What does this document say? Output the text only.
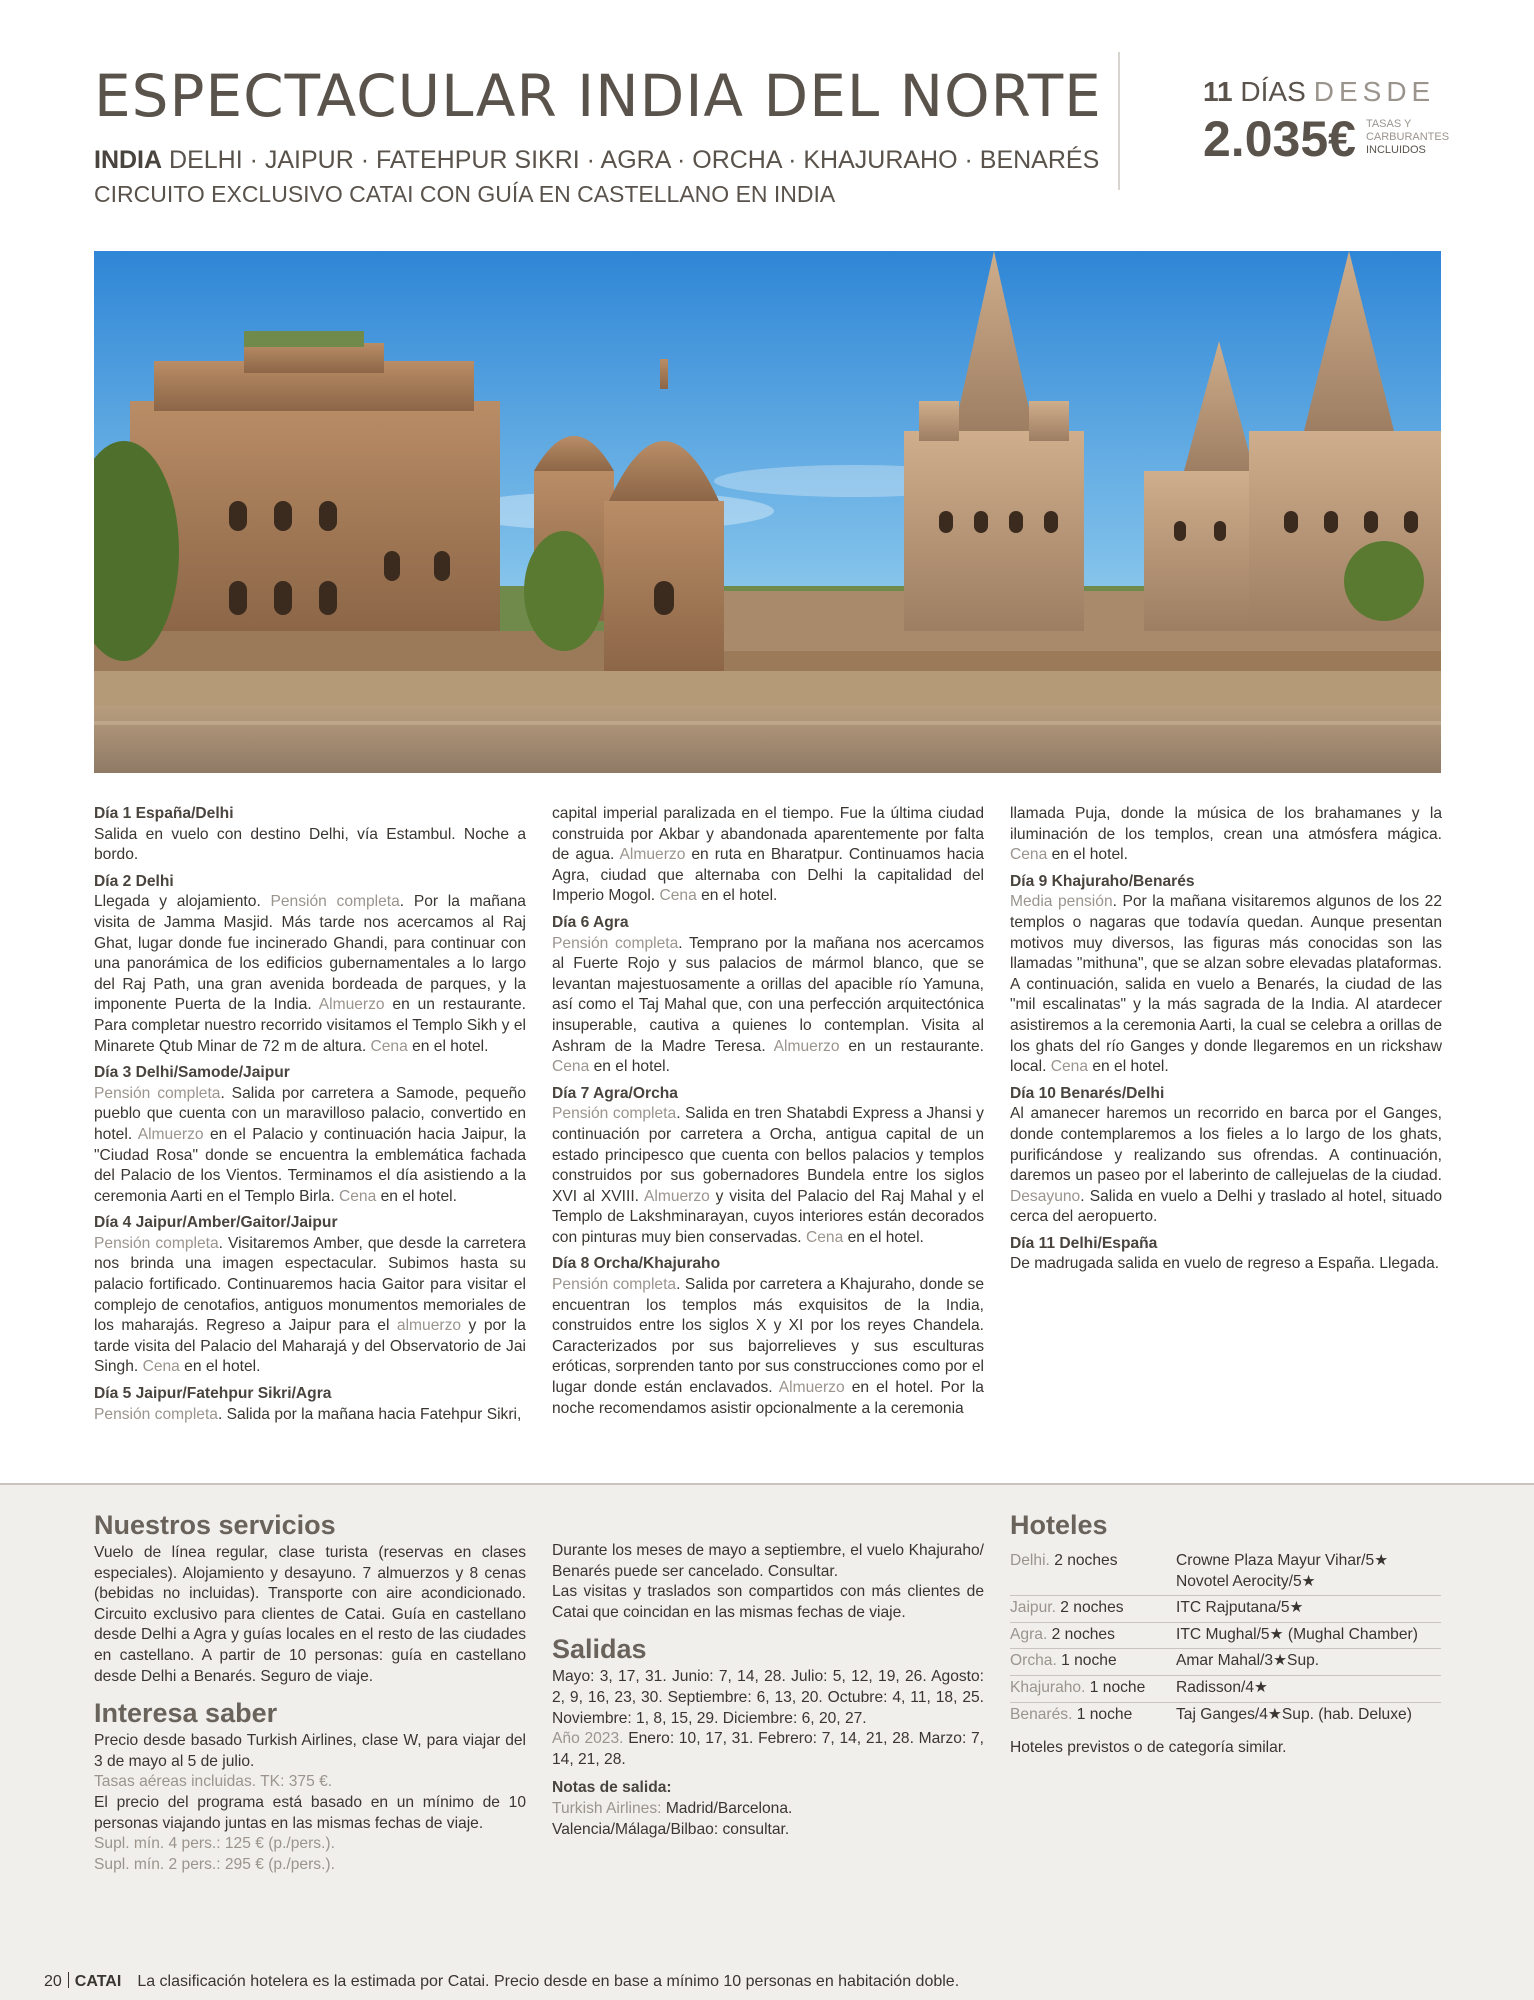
ESPECTACULAR INDIA DEL NORTE
INDIA DELHI · JAIPUR · FATEHPUR SIKRI · AGRA · ORCHA · KHAJURAHO · BENARÉS
CIRCUITO EXCLUSIVO CATAI CON GUÍA EN CASTELLANO EN INDIA
11 DÍAS DESDE
2.035€ TASAS Y
CARBURANTES
INCLUIDOS
Día 1 España/Delhi
Salida en vuelo con destino Delhi, vía Estambul. Noche a bordo.
Día 2 Delhi
Llegada y alojamiento. Pensión completa. Por la mañana visita de Jamma Masjid. Más tarde nos acercamos al Raj Ghat, lugar donde fue incinerado Ghandi, para continuar con una panorámica de los edificios gubernamentales a lo largo del Raj Path, una gran avenida bordeada de parques, y la imponente Puerta de la India. Almuerzo en un restaurante. Para completar nuestro recorrido visitamos el Templo Sikh y el Minarete Qtub Minar de 72 m de altura. Cena en el hotel.
Día 3 Delhi/Samode/Jaipur
Pensión completa. Salida por carretera a Samode, pequeño pueblo que cuenta con un maravilloso palacio, convertido en hotel. Almuerzo en el Palacio y continuación hacia Jaipur, la "Ciudad Rosa" donde se encuentra la emblemática fachada del Palacio de los Vientos. Terminamos el día asistiendo a la ceremonia Aarti en el Templo Birla. Cena en el hotel.
Día 4 Jaipur/Amber/Gaitor/Jaipur
Pensión completa. Visitaremos Amber, que desde la carretera nos brinda una imagen espectacular. Subimos hasta su palacio fortificado. Continuaremos hacia Gaitor para visitar el complejo de cenotafios, antiguos monumentos memoriales de los maharajás. Regreso a Jaipur para el almuerzo y por la tarde visita del Palacio del Maharajá y del Observatorio de Jai Singh. Cena en el hotel.
Día 5 Jaipur/Fatehpur Sikri/Agra
Pensión completa. Salida por la mañana hacia Fatehpur Sikri,
capital imperial paralizada en el tiempo. Fue la última ciudad construida por Akbar y abandonada aparentemente por falta de agua. Almuerzo en ruta en Bharatpur. Continuamos hacia Agra, ciudad que alternaba con Delhi la capitalidad del Imperio Mogol. Cena en el hotel.
Día 6 Agra
Pensión completa. Temprano por la mañana nos acercamos al Fuerte Rojo y sus palacios de mármol blanco, que se levantan majestuosamente a orillas del apacible río Yamuna, así como el Taj Mahal que, con una perfección arquitectónica insuperable, cautiva a quienes lo contemplan. Visita al Ashram de la Madre Teresa. Almuerzo en un restaurante. Cena en el hotel.
Día 7 Agra/Orcha
Pensión completa. Salida en tren Shatabdi Express a Jhansi y continuación por carretera a Orcha, antigua capital de un estado principesco que cuenta con bellos palacios y templos construidos por sus gobernadores Bundela entre los siglos XVI al XVIII. Almuerzo y visita del Palacio del Raj Mahal y el Templo de Lakshminarayan, cuyos interiores están decorados con pinturas muy bien conservadas. Cena en el hotel.
Día 8 Orcha/Khajuraho
Pensión completa. Salida por carretera a Khajuraho, donde se encuentran los templos más exquisitos de la India, construidos entre los siglos X y XI por los reyes Chandela. Caracterizados por sus bajorrelieves y sus esculturas eróticas, sorprenden tanto por sus construcciones como por el lugar donde están enclavados. Almuerzo en el hotel. Por la noche recomendamos asistir opcionalmente a la ceremonia
llamada Puja, donde la música de los brahamanes y la iluminación de los templos, crean una atmósfera mágica. Cena en el hotel.
Día 9 Khajuraho/Benarés
Media pensión. Por la mañana visitaremos algunos de los 22 templos o nagaras que todavía quedan. Aunque presentan motivos muy diversos, las figuras más conocidas son las llamadas "mithuna", que se alzan sobre elevadas plataformas. A continuación, salida en vuelo a Benarés, la ciudad de las "mil escalinatas" y la más sagrada de la India. Al atardecer asistiremos a la ceremonia Aarti, la cual se celebra a orillas de los ghats del río Ganges y donde llegaremos en un rickshaw local. Cena en el hotel.
Día 10 Benarés/Delhi
Al amanecer haremos un recorrido en barca por el Ganges, donde contemplaremos a los fieles a lo largo de los ghats, purificándose y realizando sus ofrendas. A continuación, daremos un paseo por el laberinto de callejuelas de la ciudad. Desayuno. Salida en vuelo a Delhi y traslado al hotel, situado cerca del aeropuerto.
Día 11 Delhi/España
De madrugada salida en vuelo de regreso a España. Llegada.
Nuestros servicios
Vuelo de línea regular, clase turista (reservas en clases especiales). Alojamiento y desayuno. 7 almuerzos y 8 cenas (bebidas no incluidas). Transporte con aire acondicionado. Circuito exclusivo para clientes de Catai. Guía en castellano desde Delhi a Agra y guías locales en el resto de las ciudades en castellano. A partir de 10 personas: guía en castellano desde Delhi a Benarés. Seguro de viaje.
Interesa saber
Precio desde basado Turkish Airlines, clase W, para viajar del 3 de mayo al 5 de julio.
Tasas aéreas incluidas. TK: 375 €.
El precio del programa está basado en un mínimo de 10 personas viajando juntas en las mismas fechas de viaje.
Supl. mín. 4 pers.: 125 € (p./pers.).
Supl. mín. 2 pers.: 295 € (p./pers.).
Durante los meses de mayo a septiembre, el vuelo Khajuraho/ Benarés puede ser cancelado. Consultar.
Las visitas y traslados son compartidos con más clientes de Catai que coincidan en las mismas fechas de viaje.
Salidas
Mayo: 3, 17, 31. Junio: 7, 14, 28. Julio: 5, 12, 19, 26. Agosto: 2, 9, 16, 23, 30. Septiembre: 6, 13, 20. Octubre: 4, 11, 18, 25. Noviembre: 1, 8, 15, 29. Diciembre: 6, 20, 27.
Año 2023. Enero: 10, 17, 31. Febrero: 7, 14, 21, 28. Marzo: 7, 14, 21, 28.
Notas de salida:
Turkish Airlines: Madrid/Barcelona.
Valencia/Málaga/Bilbao: consultar.
Hoteles
Delhi. 2 noches	Crowne Plaza Mayur Vihar/5★
Novotel Aerocity/5★

Jaipur. 2 noches	ITC Rajputana/5★
Agra. 2 noches	ITC Mughal/5★ (Mughal Chamber)
Orcha. 1 noche	Amar Mahal/3★Sup.
Khajuraho. 1 noche	Radisson/4★
Benarés. 1 noche	Taj Ganges/4★Sup. (hab. Deluxe)
Hoteles previstos o de categoría similar.
20 CATAI La clasificación hotelera es la estimada por Catai. Precio desde en base a mínimo 10 personas en habitación doble.
